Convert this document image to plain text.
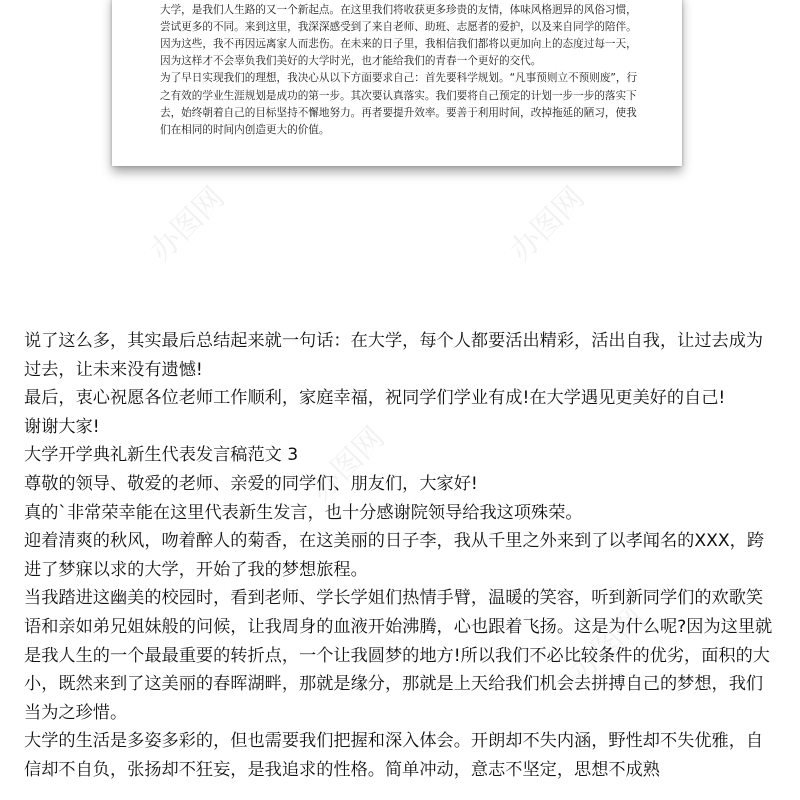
大学，是我们人生路的又一个新起点。在这里我们将收获更多珍贵的友情，体味风格迥异的风俗习惯，尝试更多的不同。来到这里，我深深感受到了来自老师、助班、志愿者的爱护，以及来自同学的陪伴。因为这些，我不再因远离家人而悲伤。在未来的日子里，我相信我们都将以更加向上的态度过每一天，因为这样才不会辜负我们美好的大学时光，也才能给我们的青春一个更好的交代。

为了早日实现我们的理想，我决心从以下方面要求自己：首先要科学规划。“凡事预则立不预则废”，行之有效的学业生涯规划是成功的第一步。其次要认真落实。我们要将自己预定的计划一步一步的落实下去，始终朝着自己的目标坚持不懈地努力。再者要提升效率。要善于利用时间，改掉拖延的陋习，使我们在相同的时间内创造更大的价值。

办图网	办图网
办图网
办图网

说了这么多，其实最后总结起来就一句话：在大学，每个人都要活出精彩，活出自我，让过去成为过去，让未来没有遗憾!

最后，衷心祝愿各位老师工作顺利，家庭幸福，祝同学们学业有成!在大学遇见更美好的自己!

谢谢大家!

大学开学典礼新生代表发言稿范文 3

尊敬的领导、敬爱的老师、亲爱的同学们、朋友们，大家好!

真的`非常荣幸能在这里代表新生发言，也十分感谢院领导给我这项殊荣。

迎着清爽的秋风，吻着醉人的菊香，在这美丽的日子李，我从千里之外来到了以孝闻名的XXX，跨进了梦寐以求的大学，开始了我的梦想旅程。

当我踏进这幽美的校园时，看到老师、学长学姐们热情手臂，温暖的笑容，听到新同学们的欢歌笑语和亲如弟兄姐妹般的问候，让我周身的血液开始沸腾，心也跟着飞扬。这是为什么呢?因为这里就是我人生的一个最最重要的转折点，一个让我圆梦的地方!所以我们不必比较条件的优劣，面积的大小，既然来到了这美丽的春晖湖畔，那就是缘分，那就是上天给我们机会去拼搏自己的梦想，我们当为之珍惜。

大学的生活是多姿多彩的，但也需要我们把握和深入体会。开朗却不失内涵，野性却不失优雅，自信却不自负，张扬却不狂妄，是我追求的性格。简单冲动，意志不坚定，思想不成熟
